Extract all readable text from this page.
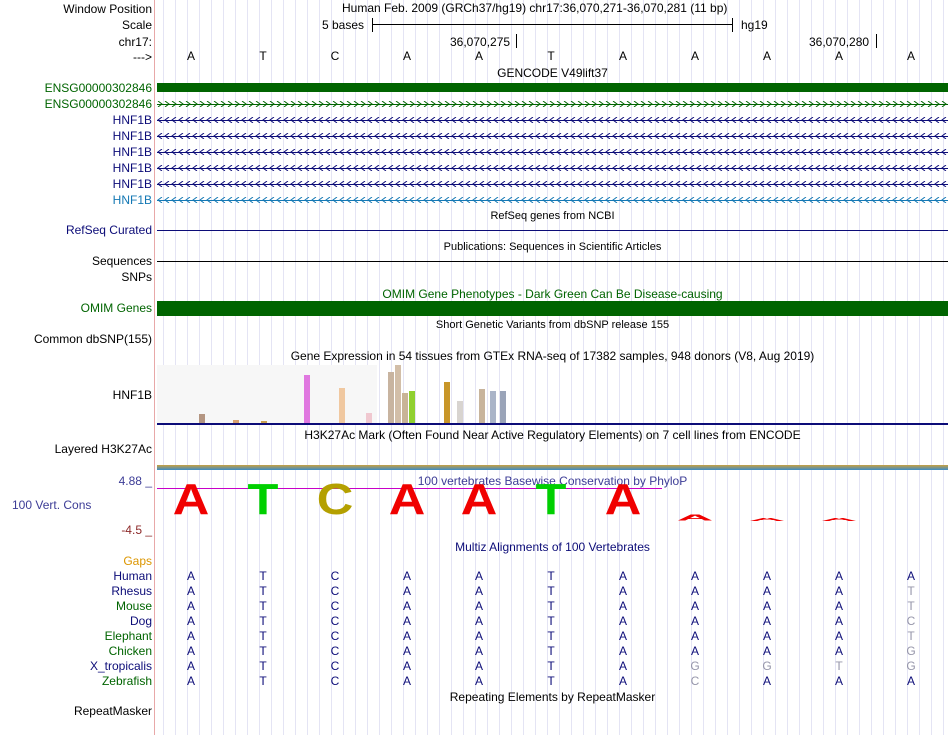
Window Position
Scale
chr17:
--->
ENSG00000302846
ENSG00000302846
HNF1B
HNF1B
HNF1B
HNF1B
HNF1B
HNF1B
RefSeq Curated
Sequences
SNPs
OMIM Genes
Common dbSNP(155)
HNF1B
Layered H3K27Ac
4.88 _
100 Vert. Cons
-4.5 _
Gaps
Human
Rhesus
Mouse
Dog
Elephant
Chicken
X_tropicalis
Zebrafish
RepeatMasker
Human Feb. 2009 (GRCh37/hg19) chr17:36,070,271-36,070,281 (11 bp)
5 bases	hg19
36,070,275	36,070,280
A	T	C	A	A	T	A	A	A	A	A
GENCODE V49lift37
RefSeq genes from NCBI
Publications: Sequences in Scientific Articles
OMIM Gene Phenotypes - Dark Green Can Be Disease-causing
Short Genetic Variants from dbSNP release 155
Gene Expression in 54 tissues from GTEx RNA-seq of 17382 samples, 948 donors (V8, Aug 2019)
H3K27Ac Mark (Often Found Near Active Regulatory Elements) on 7 cell lines from ENCODE
100 vertebrates Basewise Conservation by PhyloP
A T C A A T A A A A
Multiz Alignments of 100 Vertebrates
A	T	C	A	A	T	A	A	A	A	A
A	T	C	A	A	T	A	A	A	A	T
A	T	C	A	A	T	A	A	A	A	T
A	T	C	A	A	T	A	A	A	A	C
A	T	C	A	A	T	A	A	A	A	T
A	T	C	A	A	T	A	A	A	A	G
A	T	C	A	A	T	A	G	G	T	G
A	T	C	A	A	T	A	C	A	A	A
Repeating Elements by RepeatMasker
